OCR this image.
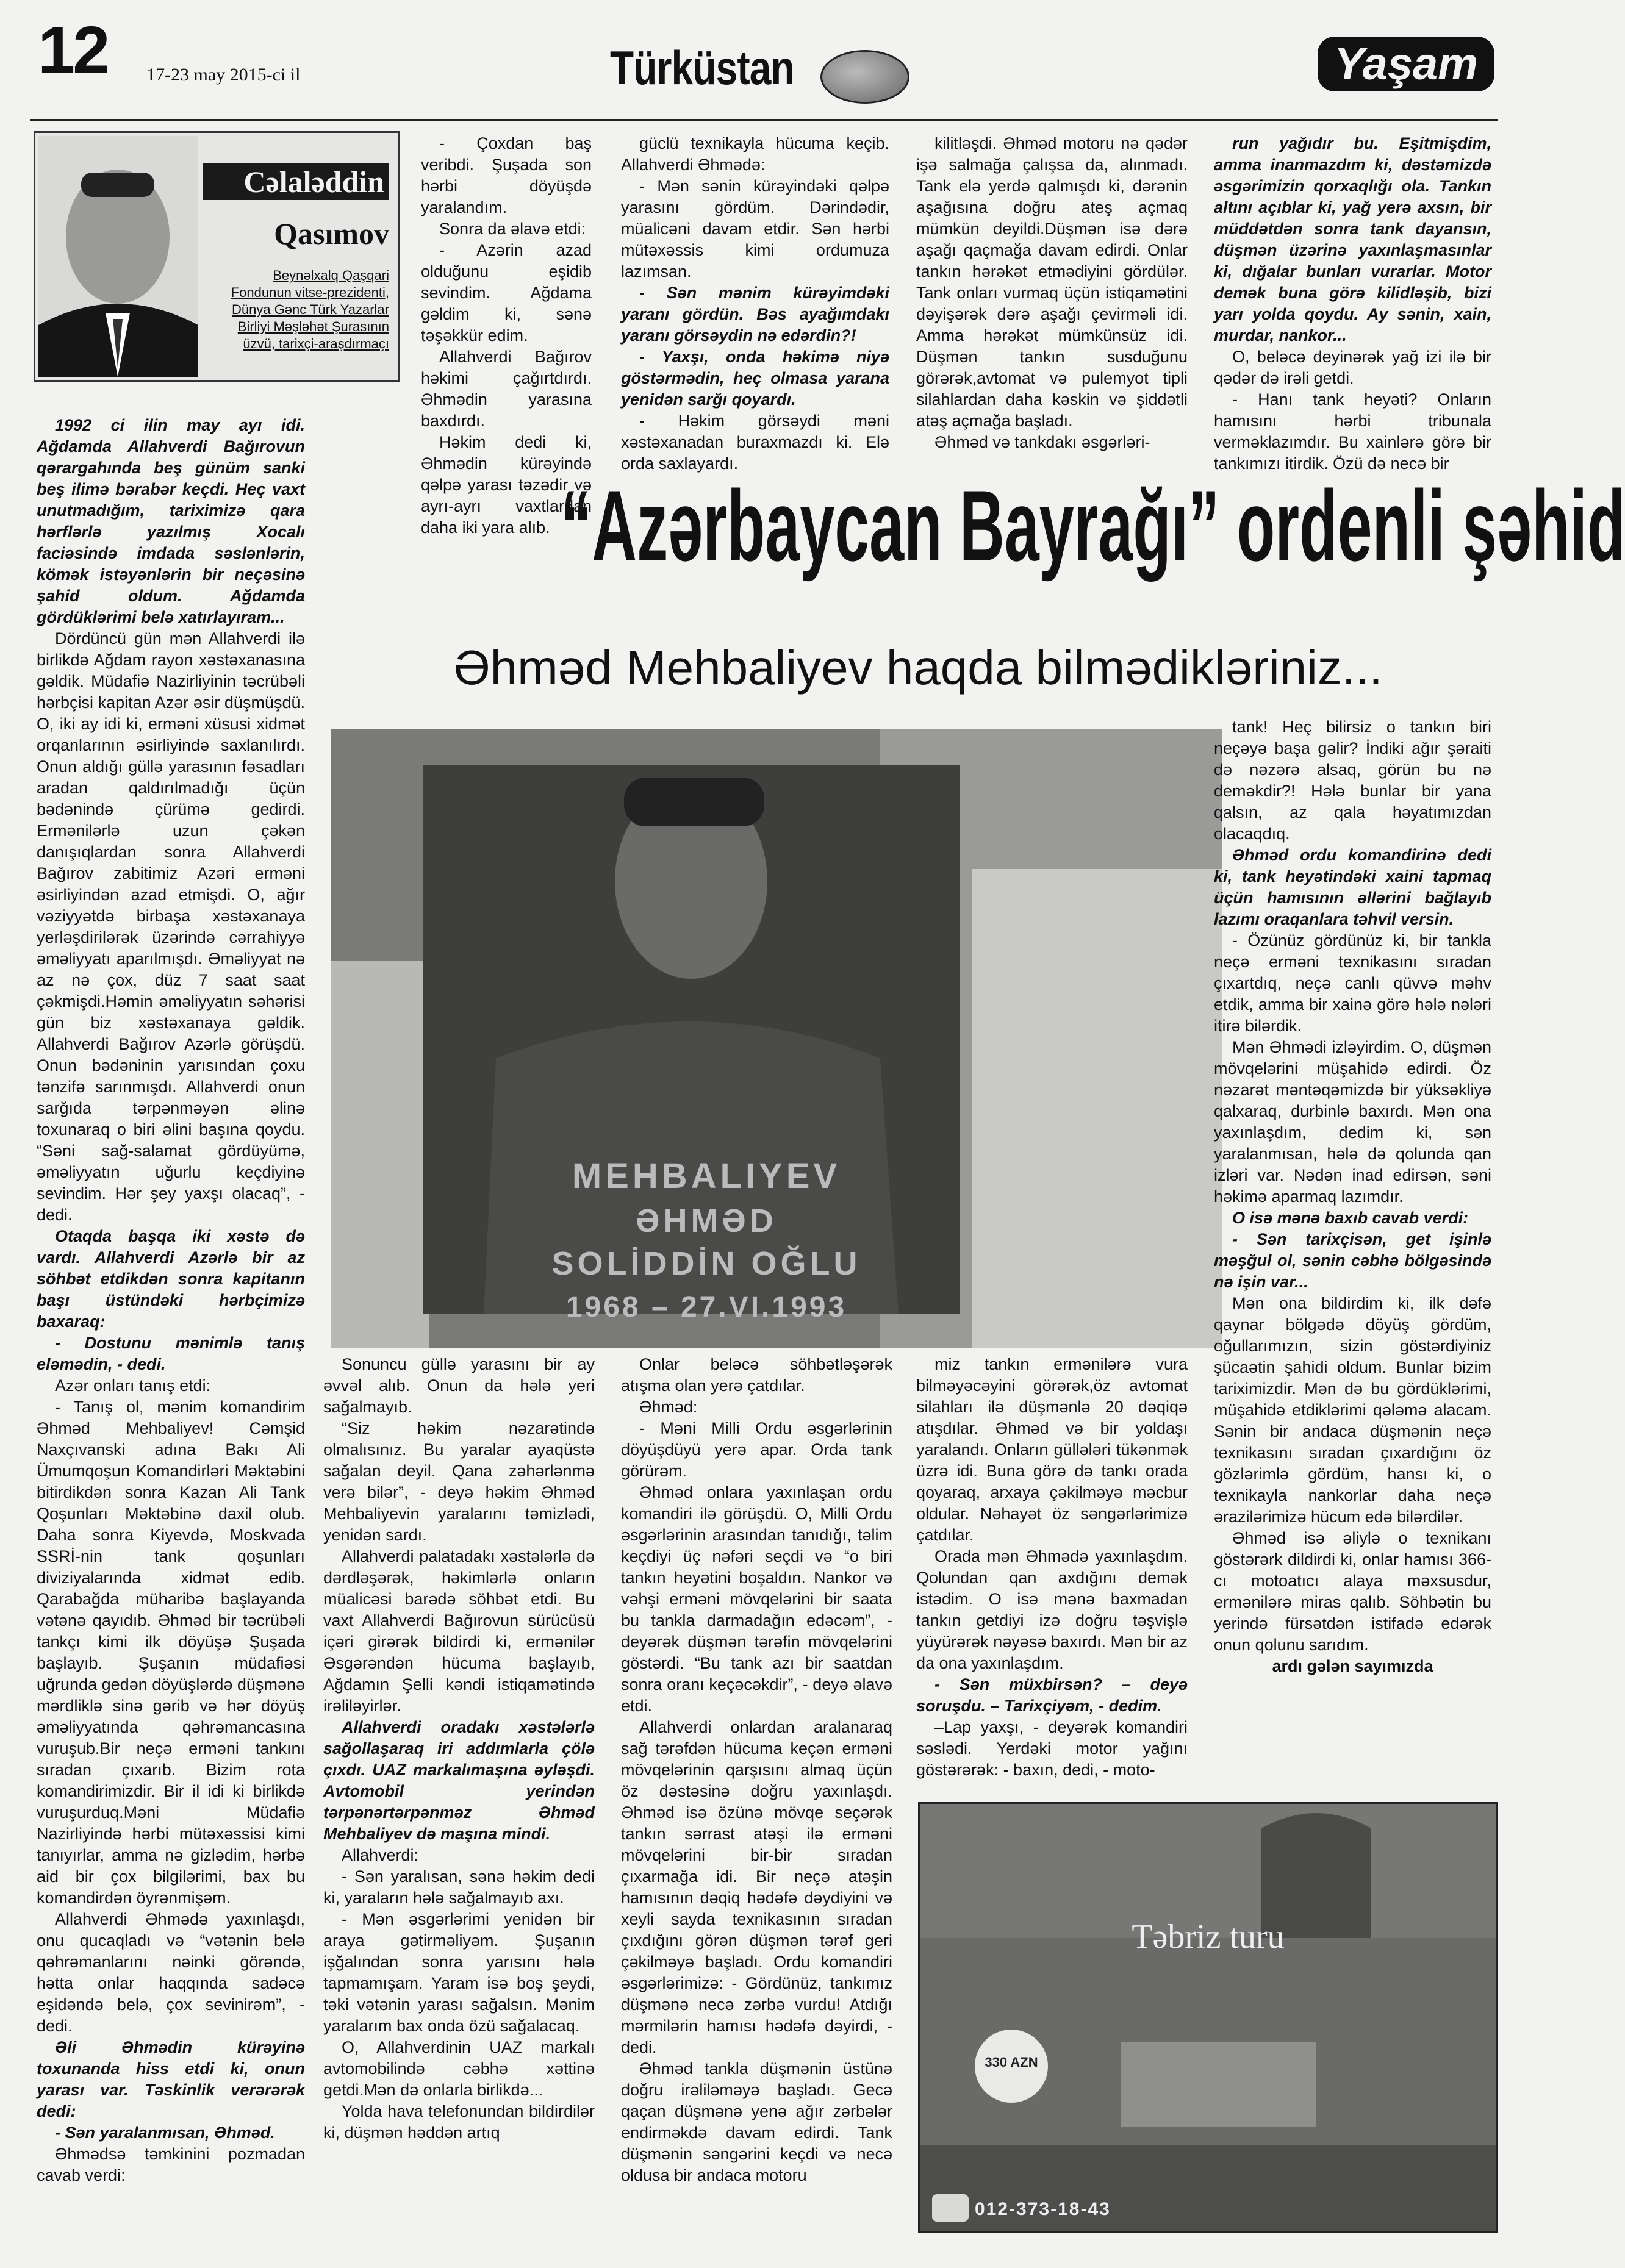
12 17-23 may 2015-ci il	Türküstan	Yaşam
Cəlaləddin
Qasımov
Beynəlxalq Qaşqari Fondunun vitse-prezidenti, Dünya Gənc Türk Yazarlar Birliyi Məşləhət Şurasının üzvü, tarixçi-araşdırmaçı

- Çoxdan baş veribdi. Şuşada son hərbi döyüşdə yaralandım.

Sonra da əlavə etdi:

- Azərin azad olduğunu eşidib sevindim. Ağdama gəldim ki, sənə təşəkkür edim.

Allahverdi Bağırov həkimi çağırtdırdı. Əhmədin yarasına baxdırdı.

Həkim dedi ki, Əhmədin kürəyində qəlpə yarası təzədir və ayrı-ayrı vaxtlardan daha iki yara alıb.

güclü texnikayla hücuma keçib. Allahverdi Əhmədə:

- Mən sənin kürəyindəki qəlpə yarasını gördüm. Dərindədir, müalicəni davam etdir. Sən hərbi mütəxəssis kimi ordumuza lazımsan.

- Sən mənim kürəyimdəki yaranı gördün. Bəs ayağımdakı yaranı görsəydin nə edərdin?!

- Yaxşı, onda həkimə niyə göstərmədin, heç olmasa yarana yenidən sarğı qoyardı.

- Həkim görsəydi məni xəstəxanadan buraxmazdı ki. Elə orda saxlayardı.

kilitləşdi. Əhməd motoru nə qədər işə salmağa çalışsa da, alınmadı. Tank elə yerdə qalmışdı ki, dərənin aşağısına doğru ateş açmaq mümkün deyildi.Düşmən isə dərə aşağı qaçmağa davam edirdi. Onlar tankın hərəkət etmədiyini gördülər. Tank onları vurmaq üçün istiqamətini dəyişərək dərə aşağı çevirməli idi. Amma hərəkət mümkünsüz idi. Düşmən tankın susduğunu görərək,avtomat və pulemyot tipli silahlardan daha kəskin və şiddətli atəş açmağa başladı.

Əhməd və tankdakı əsgərləri-

run yağıdır bu. Eşitmişdim, amma inanmazdım ki, dəstəmizdə əsgərimizin qorxaqlığı ola. Tankın altını açıblar ki, yağ yerə axsın, bir müddətdən sonra tank dayansın, düşmən üzərinə yaxınlaşmasınlar ki, dığalar bunları vurarlar. Motor demək buna görə kilidləşib, bizi yarı yolda qoydu. Ay sənin, xain, murdar, nankor...

O, beləcə deyinərək yağ izi ilə bir qədər də irəli getdi.

- Hanı tank heyəti? Onların hamısını hərbi tribunala verməklazımdır. Bu xainlərə görə bir tankımızı itirdik. Özü də necə bir

“Azərbaycan Bayrağı” ordenli şəhid
Əhməd Mehbaliyev haqda bilmədikləriniz...

1992 ci ilin may ayı idi. Ağdamda Allahverdi Bağırovun qərargahında beş günüm sanki beş ilimə bərabər keçdi. Heç vaxt unutmadığım, tariximizə qara hərflərlə yazılmış Xocalı faciəsində imdada səslənlərin, kömək istəyənlərin bir neçəsinə şahid oldum. Ağdamda gördüklərimi belə xatırlayıram...

Dördüncü gün mən Allahverdi ilə birlikdə Ağdam rayon xəstəxanasına gəldik. Müdafiə Nazirliyinin təcrübəli hərbçisi kapitan Azər əsir düşmüşdü. O, iki ay idi ki, erməni xüsusi xidmət orqanlarının əsirliyində saxlanılırdı. Onun aldığı güllə yarasının fəsadları aradan qaldırılmadığı üçün bədənində çürümə gedirdi. Ermənilərlə uzun çəkən danışıqlardan sonra Allahverdi Bağırov zabitimiz Azəri erməni əsirliyindən azad etmişdi. O, ağır vəziyyətdə birbaşa xəstəxanaya yerləşdirilərək üzərində cərrahiyyə əməliyyatı aparılmışdı. Əməliyyat nə az nə çox, düz 7 saat saat çəkmişdi.Həmin əməliyyatın səhərisi gün biz xəstəxanaya gəldik. Allahverdi Bağırov Azərlə görüşdü. Onun bədəninin yarısından çoxu tənzifə sarınmışdı. Allahverdi onun sarğıda tərpənməyən əlinə toxunaraq o biri əlini başına qoydu. “Səni sağ-salamat gördüyümə, əməliyyatın uğurlu keçdiyinə sevindim. Hər şey yaxşı olacaq”, - dedi.

Otaqda başqa iki xəstə də vardı. Allahverdi Azərlə bir az söhbət etdikdən sonra kapitanın başı üstündəki hərbçimizə baxaraq:

- Dostunu mənimlə tanış eləmədin, - dedi.

Azər onları tanış etdi:

- Tanış ol, mənim komandirim Əhməd Mehbaliyev! Cəmşid Naxçıvanski adına Bakı Ali Ümumqoşun Komandirləri Məktəbini bitirdikdən sonra Kazan Ali Tank Qoşunları Məktəbinə daxil olub. Daha sonra Kiyevdə, Moskvada SSRİ-nin tank qoşunları diviziyalarında xidmət edib. Qarabağda müharibə başlayanda vətənə qayıdıb. Əhməd bir təcrübəli tankçı kimi ilk döyüşə Şuşada başlayıb. Şuşanın müdafiəsi uğrunda gedən döyüşlərdə düşmənə mərdliklə sinə gərib və hər döyüş əməliyyatında qəhrəmancasına vuruşub.Bir neçə erməni tankını sıradan çıxarıb. Bizim rota komandirimizdir. Bir il idi ki birlikdə vuruşurduq.Məni Müdafiə Nazirliyində hərbi mütəxəssisi kimi tanıyırlar, amma nə gizlədim, hərbə aid bir çox bilgilərimi, bax bu komandirdən öyrənmişəm.

Allahverdi Əhmədə yaxınlaşdı, onu qucaqladı və “vətənin belə qəhrəmanlarını nəinki görəndə, hətta onlar haqqında sadəcə eşidəndə belə, çox sevinirəm”, - dedi.

Əli Əhmədin kürəyinə toxunanda hiss etdi ki, onun yarası var. Təskinlik verərərək dedi:

- Sən yaralanmısan, Əhməd.

Əhmədsə təmkinini pozmadan cavab verdi:

MEHBALIYEV
ƏHMƏD
SOLİDDİN OĞLU
1968 – 27.VI.1993

Sonuncu güllə yarasını bir ay əvvəl alıb. Onun da hələ yeri sağalmayıb.

“Siz həkim nəzarətində olmalısınız. Bu yaralar ayaqüstə sağalan deyil. Qana zəhərlənmə verə bilər”, - deyə həkim Əhməd Mehbaliyevin yaralarını təmizlədi, yenidən sardı.

Allahverdi palatadakı xəstələrlə də dərdləşərək, həkimlərlə onların müalicəsi barədə söhbət etdi. Bu vaxt Allahverdi Bağırovun sürücüsü içəri girərək bildirdi ki, ermənilər Əsgərəndən hücuma başlayıb, Ağdamın Şelli kəndi istiqamətində irəliləyirlər.

Allahverdi oradakı xəstələrlə sağollaşaraq iri addımlarla çölə çıxdı. UAZ markalımaşına əyləşdi. Avtomobil yerindən tərpənərtərpənməz Əhməd Mehbaliyev də maşına mindi.

Allahverdi:

- Sən yaralısan, sənə həkim dedi ki, yaraların hələ sağalmayıb axı.

- Mən əsgərlərimi yenidən bir araya gətirməliyəm. Şuşanın işğalından sonra yarısını hələ tapmamışam. Yaram isə boş şeydi, təki vətənin yarası sağalsın. Mənim yaralarım bax onda özü sağalacaq.

O, Allahverdinin UAZ markalı avtomobilində cəbhə xəttinə getdi.Mən də onlarla birlikdə...

Yolda hava telefonundan bildirdilər ki, düşmən həddən artıq

Onlar beləcə söhbətləşərək atışma olan yerə çatdılar.

Əhməd:

- Məni Milli Ordu əsgərlərinin döyüşdüyü yerə apar. Orda tank görürəm.

Əhməd onlara yaxınlaşan ordu komandiri ilə görüşdü. O, Milli Ordu əsgərlərinin arasından tanıdığı, təlim keçdiyi üç nəfəri seçdi və “o biri tankın heyətini boşaldın. Nankor və vəhşi erməni mövqelərini bir saata bu tankla darmadağın edəcəm”, - deyərək düşmən tərəfin mövqelərini göstərdi. “Bu tank azı bir saatdan sonra oranı keçəcəkdir”, - deyə əlavə etdi.

Allahverdi onlardan aralanaraq sağ tərəfdən hücuma keçən erməni mövqelərinin qarşısını almaq üçün öz dəstəsinə doğru yaxınlaşdı. Əhməd isə özünə mövqe seçərək tankın sərrast atəşi ilə erməni mövqelərini bir-bir sıradan çıxarmağa idi. Bir neçə atəşin hamısının dəqiq hədəfə dəydiyini və xeyli sayda texnikasının sıradan çıxdığını görən düşmən tərəf geri çəkilməyə başladı. Ordu komandiri əsgərlərimizə: - Gördünüz, tankımız düşmənə necə zərbə vurdu! Atdığı mərmilərin hamısı hədəfə dəyirdi, - dedi.

Əhməd tankla düşmənin üstünə doğru irəliləməyə başladı. Gecə qaçan düşmənə yenə ağır zərbələr endirməkdə davam edirdi. Tank düşmənin səngərini keçdi və necə oldusa bir andaca motoru

miz tankın ermənilərə vura bilməyəcəyini görərək,öz avtomat silahları ilə düşmənlə 20 dəqiqə atışdılar. Əhməd və bir yoldaşı yaralandı. Onların güllələri tükənmək üzrə idi. Buna görə də tankı orada qoyaraq, arxaya çəkilməyə məcbur oldular. Nəhayət öz səngərlərimizə çatdılar.

Orada mən Əhmədə yaxınlaşdım. Qolundan qan axdığını demək istədim. O isə mənə baxmadan tankın getdiyi izə doğru təşvişlə yüyürərək nəyəsə baxırdı. Mən bir az da ona yaxınlaşdım.

- Sən müxbirsən? – deyə soruşdu. – Tarixçiyəm, - dedim.

–Lap yaxşı, - deyərək komandiri səslədi. Yerdəki motor yağını göstərərək: - baxın, dedi, - moto-

tank! Heç bilirsiz o tankın biri neçəyə başa gəlir? İndiki ağır şəraiti də nəzərə alsaq, görün bu nə deməkdir?! Hələ bunlar bir yana qalsın, az qala həyatımızdan olacaqdıq.

Əhməd ordu komandirinə dedi ki, tank heyətindəki xaini tapmaq üçün hamısının əllərini bağlayıb lazımı oraqanlara təhvil versin.

- Özünüz gördünüz ki, bir tankla neçə erməni texnikasını sıradan çıxartdıq, neçə canlı qüvvə məhv etdik, amma bir xainə görə hələ nələri itirə bilərdik.

Mən Əhmədi izləyirdim. O, düşmən mövqelərini müşahidə edirdi. Öz nəzarət məntəqəmizdə bir yüksəkliyə qalxaraq, durbinlə baxırdı. Mən ona yaxınlaşdım, dedim ki, sən yaralanmısan, hələ də qolunda qan izləri var. Nədən inad edirsən, səni həkimə aparmaq lazımdır.

O isə mənə baxıb cavab verdi:

- Sən tarixçisən, get işinlə məşğul ol, sənin cəbhə bölgəsində nə işin var...

Mən ona bildirdim ki, ilk dəfə qaynar bölgədə döyüş gördüm, oğullarımızın, sizin göstərdiyiniz şücaətin şahidi oldum. Bunlar bizim tariximizdir. Mən də bu gördüklərimi, müşahidə etdiklərimi qələmə alacam. Sənin bir andaca düşmənin neçə texnikasını sıradan çıxardığını öz gözlərimlə gördüm, hansı ki, o texnikayla nankorlar daha neçə ərazilərimizə hücum edə bilərdilər.

Əhməd isə əliylə o texnikanı göstərərk dildirdi ki, onlar hamısı 366-cı motoatıcı alaya məxsusdur, ermənilərə miras qalıb. Söhbətin bu yerində fürsətdən istifadə edərək onun qolunu sarıdım.

ardı gələn sayımızda

Təbriz turu
330 AZN
012-373-18-43
